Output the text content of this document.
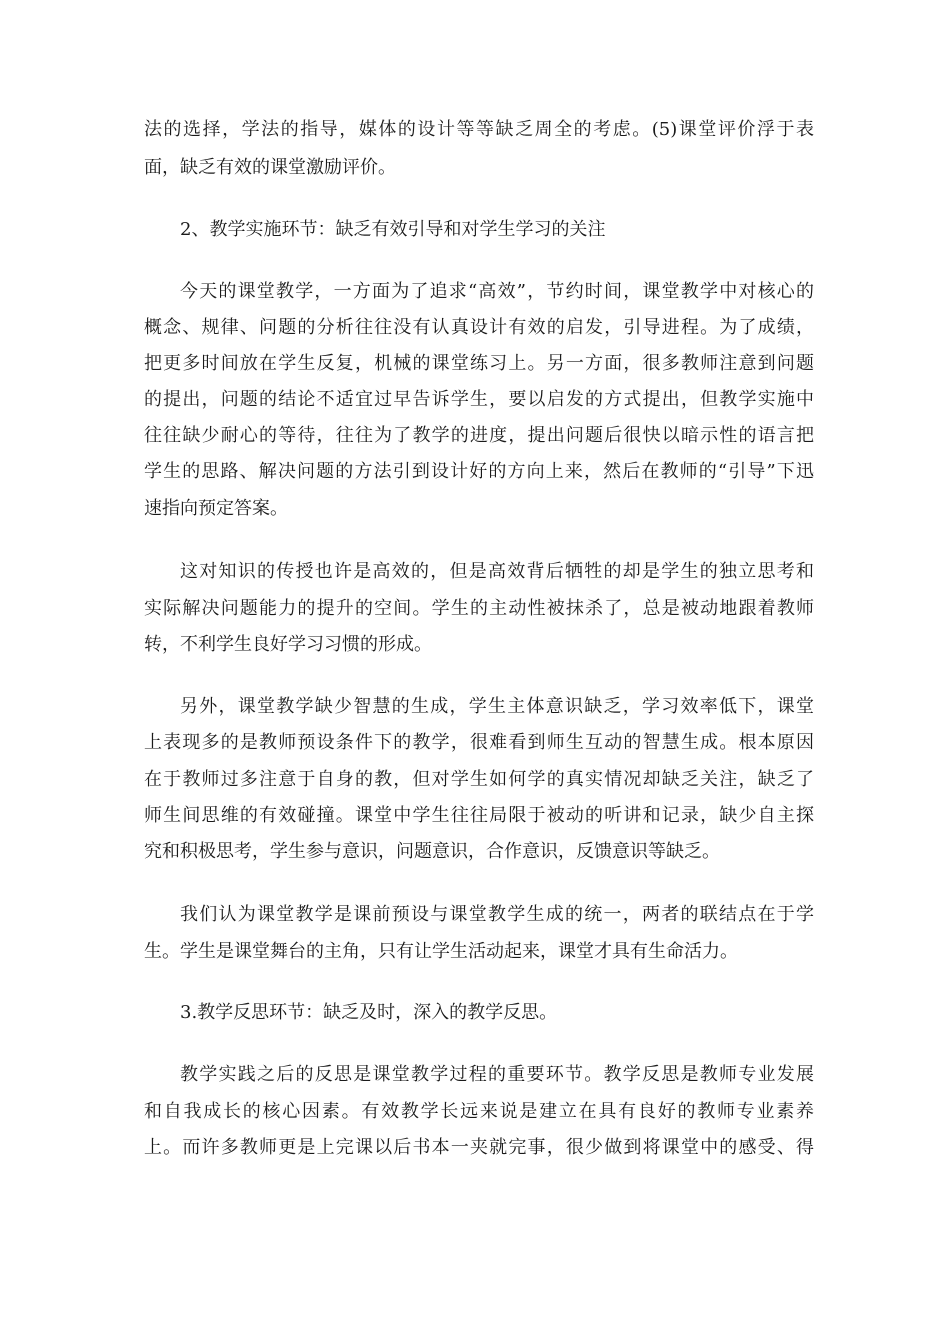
法的选择，学法的指导，媒体的设计等等缺乏周全的考虑。(5)课堂评价浮于表
面，缺乏有效的课堂激励评价。
2、教学实施环节：缺乏有效引导和对学生学习的关注
今天的课堂教学，一方面为了追求“高效”，节约时间，课堂教学中对核心的
概念、规律、问题的分析往往没有认真设计有效的启发，引导进程。为了成绩，
把更多时间放在学生反复，机械的课堂练习上。另一方面，很多教师注意到问题
的提出，问题的结论不适宜过早告诉学生，要以启发的方式提出，但教学实施中
往往缺少耐心的等待，往往为了教学的进度，提出问题后很快以暗示性的语言把
学生的思路、解决问题的方法引到设计好的方向上来，然后在教师的“引导”下迅
速指向预定答案。
这对知识的传授也许是高效的，但是高效背后牺牲的却是学生的独立思考和
实际解决问题能力的提升的空间。学生的主动性被抹杀了，总是被动地跟着教师
转，不利学生良好学习习惯的形成。
另外，课堂教学缺少智慧的生成，学生主体意识缺乏，学习效率低下，课堂
上表现多的是教师预设条件下的教学，很难看到师生互动的智慧生成。根本原因
在于教师过多注意于自身的教，但对学生如何学的真实情况却缺乏关注，缺乏了
师生间思维的有效碰撞。课堂中学生往往局限于被动的听讲和记录，缺少自主探
究和积极思考，学生参与意识，问题意识，合作意识，反馈意识等缺乏。
我们认为课堂教学是课前预设与课堂教学生成的统一，两者的联结点在于学
生。学生是课堂舞台的主角，只有让学生活动起来，课堂才具有生命活力。
3.教学反思环节：缺乏及时，深入的教学反思。
教学实践之后的反思是课堂教学过程的重要环节。教学反思是教师专业发展
和自我成长的核心因素。有效教学长远来说是建立在具有良好的教师专业素养
上。而许多教师更是上完课以后书本一夹就完事，很少做到将课堂中的感受、得
